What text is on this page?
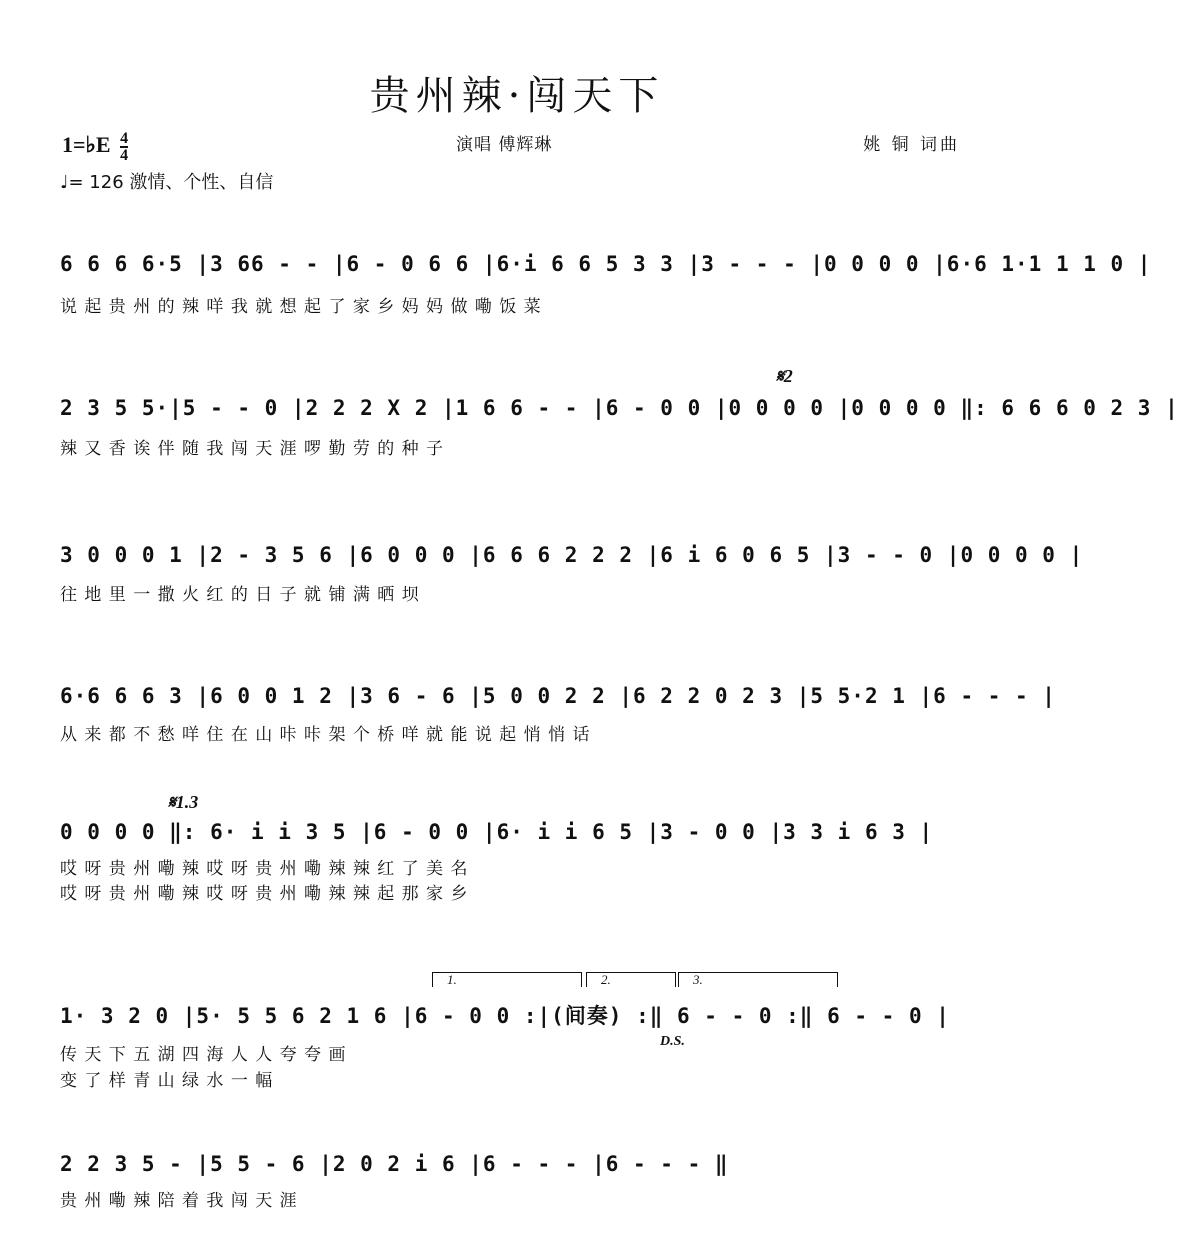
贵州辣·闯天下
1=♭E $\frac{4}{4}$
♩= 126 激情、个性、自信
演唱 傅辉琳	姚 铜 词曲
6 6 6 6·5 |3 66 - - |6 - 0 6 6 |6·i 6 6 5 3 3 |3 - - - |0 0 0 0 |6·6 1·1 1 1 0 |
说 起 贵 州 的 辣 咩 我 就 想 起 了 家 乡 妈 妈 做 嘞 饭 菜
𝄋2
2 3 5 5·|5 - - 0 |2 2 2 X 2 |1 6 6 - - |6 - 0 0 |0 0 0 0 |0 0 0 0 ‖: 6 6 6 0 2 3 |
辣 又 香 诶 伴 随 我 闯 天 涯 啰 勤 劳 的 种 子
3 0 0 0 1 |2 - 3 5 6 |6 0 0 0 |6 6 6 2 2 2 |6 i 6 0 6 5 |3 - - 0 |0 0 0 0 |
往 地 里 一 撒 火 红 的 日 子 就 铺 满 晒 坝
6·6 6 6 3 |6 0 0 1 2 |3 6 - 6 |5 0 0 2 2 |6 2 2 0 2 3 |5 5·2 1 |6 - - - |
从 来 都 不 愁 咩 住 在 山 咔 咔 架 个 桥 咩 就 能 说 起 悄 悄 话
𝄋1.3
0 0 0 0 ‖: 6· i i 3 5 |6 - 0 0 |6· i i 6 5 |3 - 0 0 |3 3 i 6 3 |
哎 呀 贵 州 嘞 辣 哎 呀 贵 州 嘞 辣 辣 红 了 美 名
哎 呀 贵 州 嘞 辣 哎 呀 贵 州 嘞 辣 辣 起 那 家 乡
1.	2.	3.
1· 3 2 0 |5· 5 5 6 2 1 6 |6 - 0 0 :|(间奏) :‖ 6 - - 0 :‖ 6 - - 0 |
D.S.
传 天 下 五 湖 四 海 人 人 夸 夸 画
变 了 样 青 山 绿 水 一 幅
2 2 3 5 - |5 5 - 6 |2 0 2 i 6 |6 - - - |6 - - - ‖
贵 州 嘞 辣 陪 着 我 闯 天 涯
